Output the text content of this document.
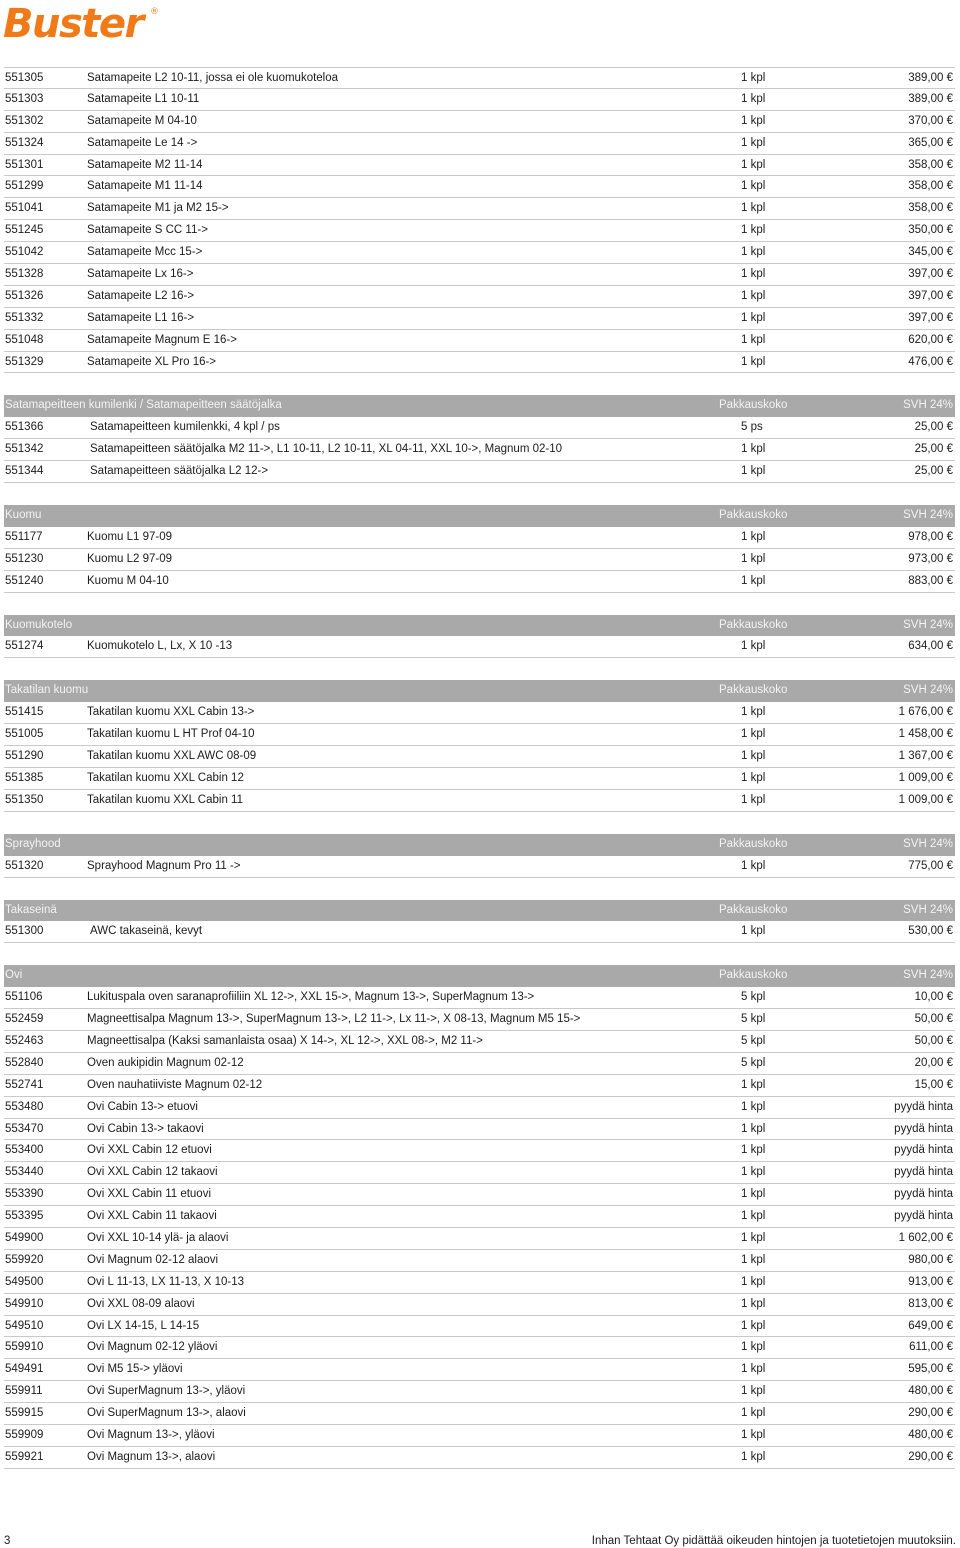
Buster ®
551305	Satamapeite L2 10-11, jossa ei ole kuomukoteloa	1 kpl	389,00 €
551303	Satamapeite L1 10-11	1 kpl	389,00 €
551302	Satamapeite M 04-10	1 kpl	370,00 €
551324	Satamapeite Le 14 ->	1 kpl	365,00 €
551301	Satamapeite M2 11-14	1 kpl	358,00 €
551299	Satamapeite M1 11-14	1 kpl	358,00 €
551041	Satamapeite M1 ja M2 15->	1 kpl	358,00 €
551245	Satamapeite S CC 11->	1 kpl	350,00 €
551042	Satamapeite Mcc 15->	1 kpl	345,00 €
551328	Satamapeite Lx 16->	1 kpl	397,00 €
551326	Satamapeite L2 16->	1 kpl	397,00 €
551332	Satamapeite L1 16->	1 kpl	397,00 €
551048	Satamapeite Magnum E 16->	1 kpl	620,00 €
551329	Satamapeite XL Pro 16->	1 kpl	476,00 €
Satamapeitteen kumilenki / Satamapeitteen säätöjalka	Pakkauskoko	SVH 24%
551366	Satamapeitteen kumilenkki, 4 kpl / ps	5 ps	25,00 €
551342	Satamapeitteen säätöjalka M2 11->, L1 10-11, L2 10-11, XL 04-11, XXL 10->, Magnum 02-10	1 kpl	25,00 €
551344	Satamapeitteen säätöjalka L2 12->	1 kpl	25,00 €
Kuomu	Pakkauskoko	SVH 24%
551177	Kuomu L1 97-09	1 kpl	978,00 €
551230	Kuomu L2 97-09	1 kpl	973,00 €
551240	Kuomu M 04-10	1 kpl	883,00 €
Kuomukotelo	Pakkauskoko	SVH 24%
551274	Kuomukotelo L, Lx, X 10 -13	1 kpl	634,00 €
Takatilan kuomu	Pakkauskoko	SVH 24%
551415	Takatilan kuomu XXL Cabin 13->	1 kpl	1 676,00 €
551005	Takatilan kuomu L HT Prof 04-10	1 kpl	1 458,00 €
551290	Takatilan kuomu XXL AWC 08-09	1 kpl	1 367,00 €
551385	Takatilan kuomu XXL Cabin 12	1 kpl	1 009,00 €
551350	Takatilan kuomu XXL Cabin 11	1 kpl	1 009,00 €
Sprayhood	Pakkauskoko	SVH 24%
551320	Sprayhood Magnum Pro 11 ->	1 kpl	775,00 €
Takaseinä	Pakkauskoko	SVH 24%
551300	AWC takaseinä, kevyt	1 kpl	530,00 €
Ovi	Pakkauskoko	SVH 24%
551106	Lukituspala oven saranaprofiiliin XL 12->, XXL 15->, Magnum 13->, SuperMagnum 13->	5 kpl	10,00 €
552459	Magneettisalpa Magnum 13->, SuperMagnum 13->, L2 11->, Lx 11->, X 08-13, Magnum M5 15->	5 kpl	50,00 €
552463	Magneettisalpa (Kaksi samanlaista osaa) X 14->, XL 12->, XXL 08->, M2 11->	5 kpl	50,00 €
552840	Oven aukipidin Magnum 02-12	5 kpl	20,00 €
552741	Oven nauhatiiviste Magnum 02-12	1 kpl	15,00 €
553480	Ovi Cabin 13-> etuovi	1 kpl	pyydä hinta
553470	Ovi Cabin 13-> takaovi	1 kpl	pyydä hinta
553400	Ovi XXL Cabin 12 etuovi	1 kpl	pyydä hinta
553440	Ovi XXL Cabin 12 takaovi	1 kpl	pyydä hinta
553390	Ovi XXL Cabin 11 etuovi	1 kpl	pyydä hinta
553395	Ovi XXL Cabin 11 takaovi	1 kpl	pyydä hinta
549900	Ovi XXL 10-14 ylä- ja alaovi	1 kpl	1 602,00 €
559920	Ovi Magnum 02-12 alaovi	1 kpl	980,00 €
549500	Ovi L 11-13, LX 11-13, X 10-13	1 kpl	913,00 €
549910	Ovi XXL 08-09 alaovi	1 kpl	813,00 €
549510	Ovi LX 14-15, L 14-15	1 kpl	649,00 €
559910	Ovi Magnum 02-12 yläovi	1 kpl	611,00 €
549491	Ovi M5 15-> yläovi	1 kpl	595,00 €
559911	Ovi SuperMagnum 13->, yläovi	1 kpl	480,00 €
559915	Ovi SuperMagnum 13->, alaovi	1 kpl	290,00 €
559909	Ovi Magnum 13->, yläovi	1 kpl	480,00 €
559921	Ovi Magnum 13->, alaovi	1 kpl	290,00 €
3	Inhan Tehtaat Oy pidättää oikeuden hintojen ja tuotetietojen muutoksiin.
